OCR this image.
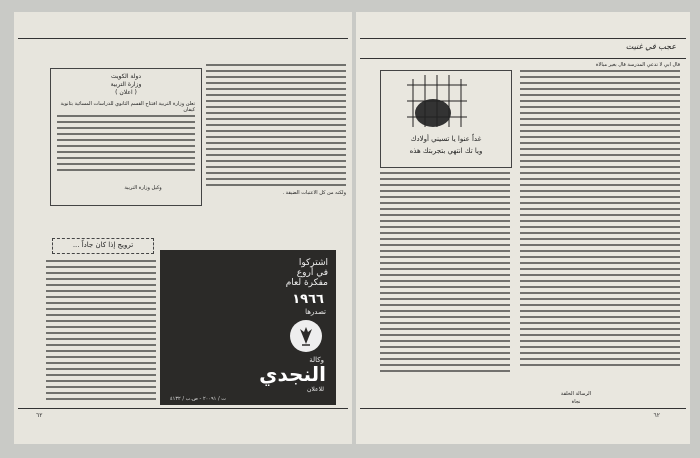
دولة الكويت
وزارة التربية
( اعلان )
تعلن وزارة التربية افتتاح القسم الثانوي للدراسات المسائية بثانوية كيفان
وكيل وزارة التربية
ولكنه من كل الاعتبات الضيقة .
ترويج إذا كان جاداً ...
اشتركوا
في أروع
مفكرة لعام
١٩٦٦
تصدرها
وكالة
النجدي
للاعلان
ت / ٢٠٠٩١ - ص.ب / ٤١٣٢
٦٢
عجب في غنيت
غداً عنوا يا تسيني أولادك
ويا تك انتهي بتجربتك هذه
قال ابي لا تدعي المدرسة قال بغير مبالاة
الرسالة الخلقة
نجاة
٦٢
